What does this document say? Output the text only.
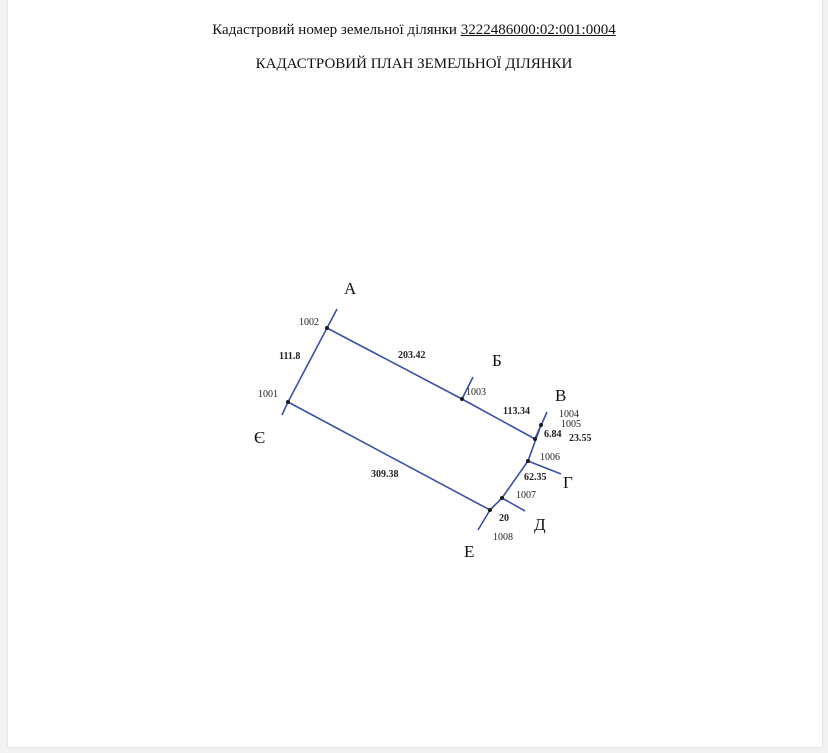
Кадастровий номер земельної ділянки 3222486000:02:001:0004
КАДАСТРОВИЙ ПЛАН ЗЕМЕЛЬНОЇ ДІЛЯНКИ
А
Б
В
Г
Д
Е
Є
1001
1002
1003
1004
1005
1006
1007
1008
111.8	203.42
113.34
6.84 23.55
62.35
20
309.38
